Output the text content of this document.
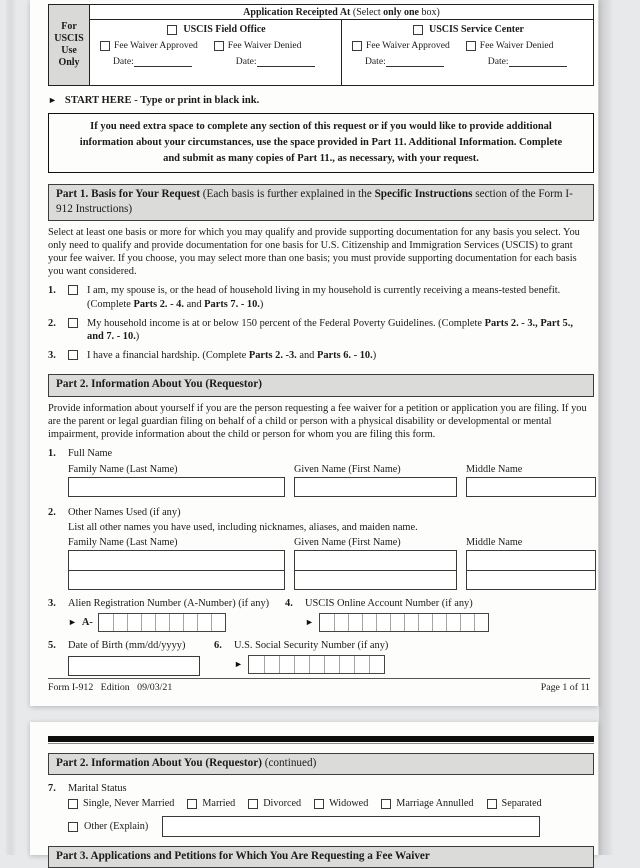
For USCIS Use Only
Application Receipted At (Select only one box)
USCIS Field Office
Fee Waiver Approved	Fee Waiver Denied
Date:	Date:
USCIS Service Center
Fee Waiver Approved	Fee Waiver Denied
Date:	Date:
► START HERE - Type or print in black ink.
If you need extra space to complete any section of this request or if you would like to provide additional information about your circumstances, use the space provided in Part 11. Additional Information. Complete and submit as many copies of Part 11., as necessary, with your request.
Part 1. Basis for Your Request (Each basis is further explained in the Specific Instructions section of the Form I-912 Instructions)
Select at least one basis or more for which you may qualify and provide supporting documentation for any basis you select. You only need to qualify and provide documentation for one basis for U.S. Citizenship and Immigration Services (USCIS) to grant your fee waiver. If you choose, you may select more than one basis; you must provide supporting documentation for each basis you want considered.
1.	I am, my spouse is, or the head of household living in my household is currently receiving a means-tested benefit. (Complete Parts 2. - 4. and Parts 7. - 10.)
2.	My household income is at or below 150 percent of the Federal Poverty Guidelines. (Complete Parts 2. - 3., Part 5., and 7. - 10.)
3.	I have a financial hardship. (Complete Parts 2. -3. and Parts 6. - 10.)
Part 2. Information About You (Requestor)
Provide information about yourself if you are the person requesting a fee waiver for a petition or application you are filing. If you are the parent or legal guardian filing on behalf of a child or person with a physical disability or developmental or mental impairment, provide information about the child or person for whom you are filing this form.
1.	Full Name
Family Name (Last Name)	Given Name (First Name)	Middle Name
2.	Other Names Used (if any)
List all other names you have used, including nicknames, aliases, and maiden name.
Family Name (Last Name)	Given Name (First Name)	Middle Name
3.	Alien Registration Number (A-Number) (if any)
► A-
4.	USCIS Online Account Number (if any)
►
5.	Date of Birth (mm/dd/yyyy)	6.	U.S. Social Security Number (if any)
►
Form I-912   Edition   09/03/21	Page 1 of 11
Part 2. Information About You (Requestor) (continued)
7.	Marital Status
Single, Never Married	Married	Divorced	Widowed	Marriage Annulled	Separated
Other (Explain)
Part 3. Applications and Petitions for Which You Are Requesting a Fee Waiver
